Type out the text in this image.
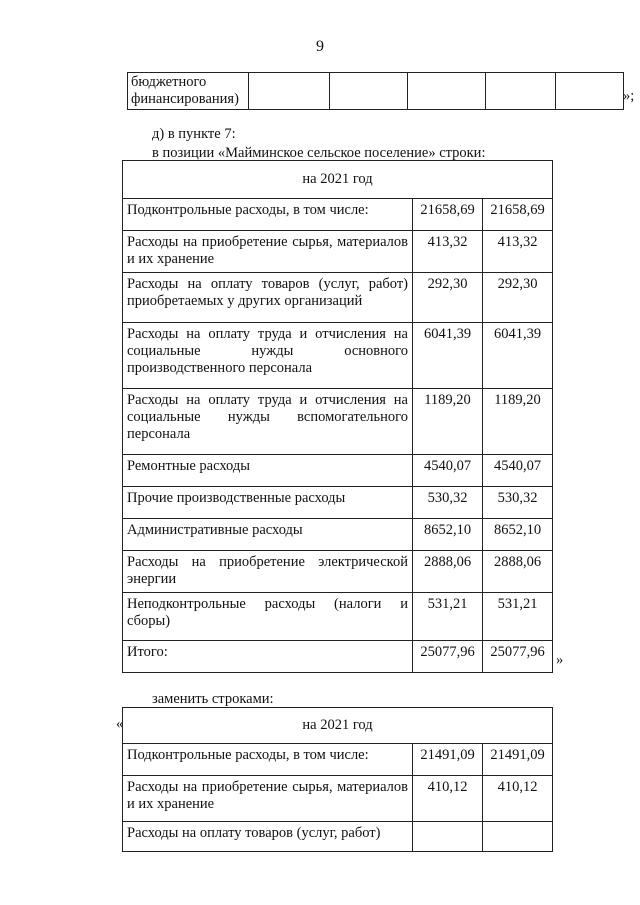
9
бюджетного
финансирования)
						»;
д) в пункте 7:
в позиции «Майминское сельское поселение» строки:
на 2021 год		
Подконтрольные расходы, в том числе:	21658,69	21658,69
Расходы на приобретение сырья, материалов и их хранение	413,32	413,32
Расходы на оплату товаров (услуг, работ) приобретаемых у других организаций	292,30	292,30
Расходы на оплату труда и отчисления на социальные нужды основного производственного персонала	6041,39	6041,39
Расходы на оплату труда и отчисления на социальные нужды вспомогательного персонала	1189,20	1189,20
Ремонтные расходы	4540,07	4540,07
Прочие производственные расходы	530,32	530,32
Административные расходы	8652,10	8652,10
Расходы на приобретение электрической энергии	2888,06	2888,06
Неподконтрольные расходы (налоги и сборы)	531,21	531,21
Итого:	25077,96	25077,96 »
заменить строками:
«	на 2021 год		
Подконтрольные расходы, в том числе:	21491,09	21491,09
Расходы на приобретение сырья, материалов и их хранение	410,12	410,12
Расходы на оплату товаров (услуг, работ)		
